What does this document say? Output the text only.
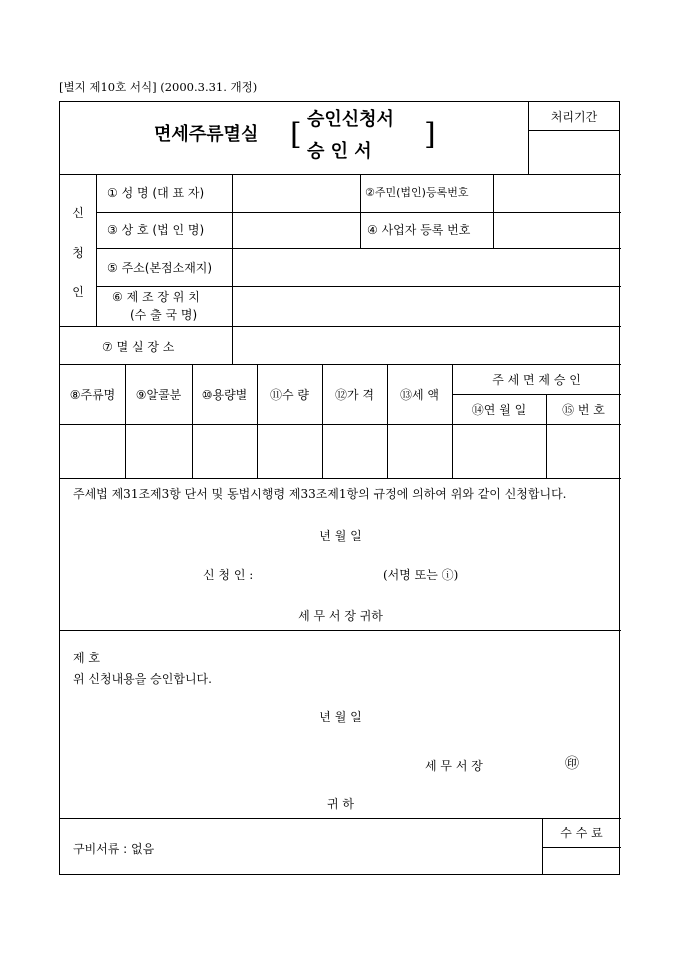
[별지 제10호 서식] (2000.3.31. 개정)
면세주류멸실 [ 승인신청서
승 인 서 ]	처리기간
신
청
인
① 성 명 (대 표 자)	②주민(법인)등록번호
③ 상 호 (법 인 명)	④ 사업자 등록 번호
⑤ 주소(본점소재지)
⑥ 제 조 장 위 치
(수 출 국 명)
⑦ 멸 실 장 소
⑧주류명	⑨알콜분	⑩용량별	⑪수 량	⑫가 격	⑬세 액
주 세 면 제 승 인
⑭연 월 일	⑮ 번 호
주세법 제31조제3항 단서 및 동법시행령 제33조제1항의 규정에 의하여 위와 같이 신청합니다.
년 월 일
신 청 인 :	(서명 또는 ⓘ)
세 무 서 장 귀하
제 호
위 신청내용을 승인합니다.
년 월 일
세 무 서 장	㊞
귀 하
구비서류 : 없음
수 수 료
